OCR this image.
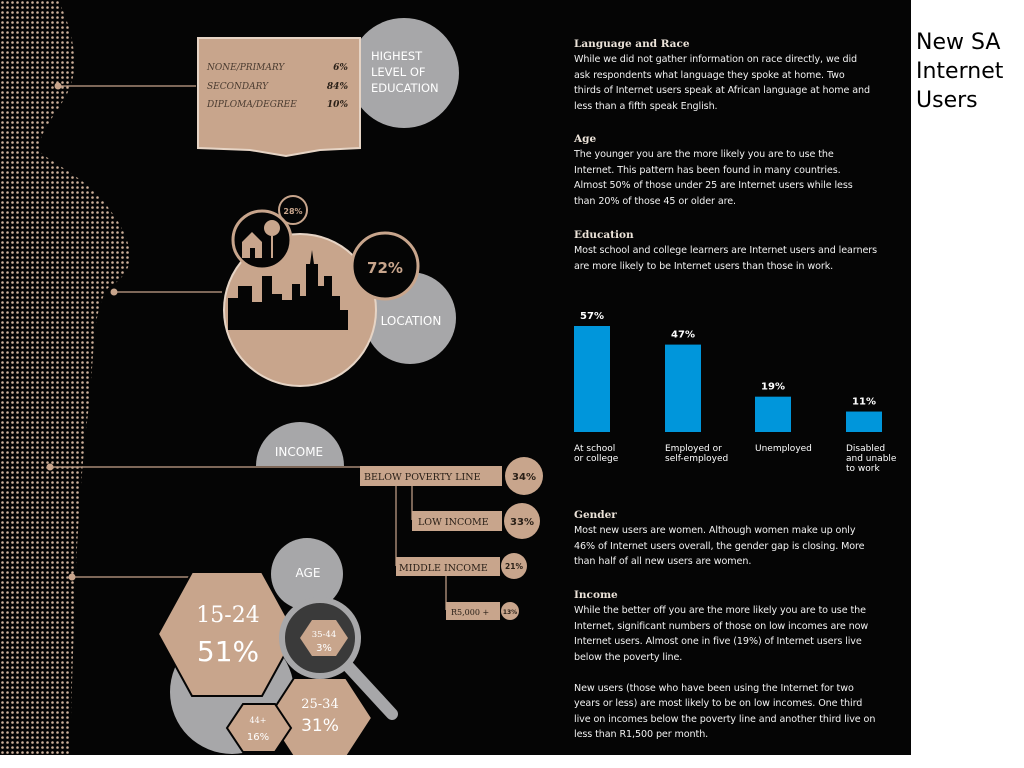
HIGHEST
LEVEL OF
EDUCATION
NONE/PRIMARY	6%
SECONDARY	84%
DIPLOMA/DEGREE	10%
72%
28%
LOCATION
INCOME
BELOW POVERTY LINE	34%
LOW INCOME 33%
MIDDLE INCOME 21%
R5,000 + 13%
AGE
15-24
51%	35-44
3%
25-34
31%
44+
16%
57%
At school
or college
47%
Employed or
self-employed
19%
Unemployed
11%
Disabled
and unable
to work
Language and Race

While we did not gather information on race directly, we did
ask respondents what language they spoke at home. Two
thirds of Internet users speak at African language at home and
less than a fifth speak English.

Age

The younger you are the more likely you are to use the
Internet. This pattern has been found in many countries.
Almost 50% of those under 25 are Internet users while less
than 20% of those 45 or older are.

Education

Most school and college learners are Internet users and learners
are more likely to be Internet users than those in work.

Gender

Most new users are women. Although women make up only
46% of Internet users overall, the gender gap is closing. More
than half of all new users are women.

Income

While the better off you are the more likely you are to use the
Internet, significant numbers of those on low incomes are now
Internet users. Almost one in five (19%) of Internet users live
below the poverty line.

New users (those who have been using the Internet for two
years or less) are most likely to be on low incomes. One third
live on incomes below the poverty line and another third live on
less than R1,500 per month.

New SA
Internet
Users
